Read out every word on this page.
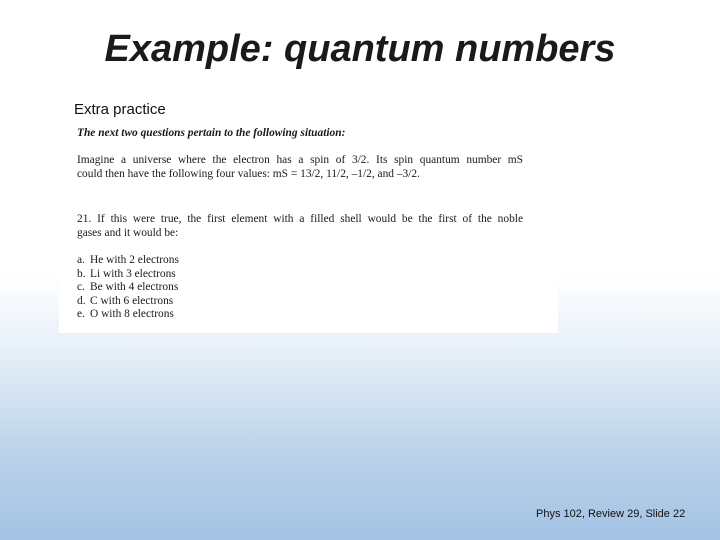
Example: quantum numbers
Extra practice
The next two questions pertain to the following situation:
Imagine a universe where the electron has a spin of 3/2. Its spin quantum number mS
could then have the following four values: mS = 13/2, 11/2, –1/2, and –3/2.
21. If this were true, the first element with a filled shell would be the first of the noble
gases and it would be:
a. He with 2 electrons
b. Li with 3 electrons
c. Be with 4 electrons
d. C with 6 electrons
e. O with 8 electrons
Phys 102, Review 29, Slide 22
